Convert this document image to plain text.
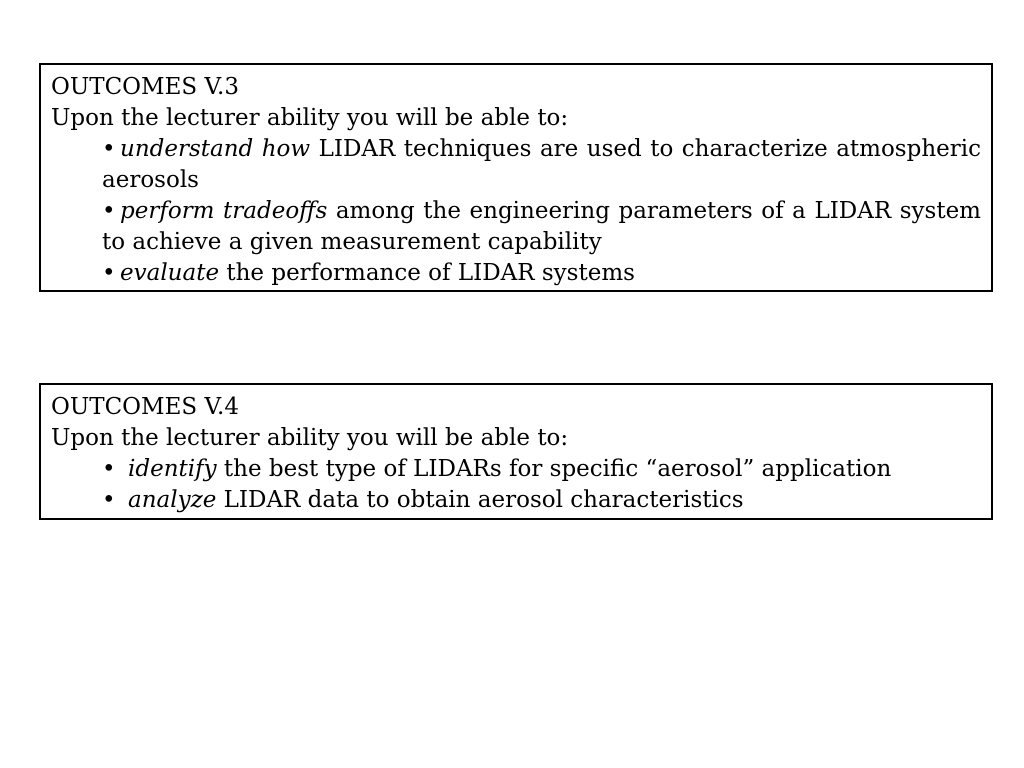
OUTCOMES V.3
Upon the lecturer ability you will be able to:
• understand how LIDAR techniques are used to characterize atmospheric aerosols
• perform tradeoffs among the engineering parameters of a LIDAR system to achieve a given measurement capability
• evaluate the performance of LIDAR systems
OUTCOMES V.4
Upon the lecturer ability you will be able to:
• identify the best type of LIDARs for specific “aerosol” application
• analyze LIDAR data to obtain aerosol characteristics
